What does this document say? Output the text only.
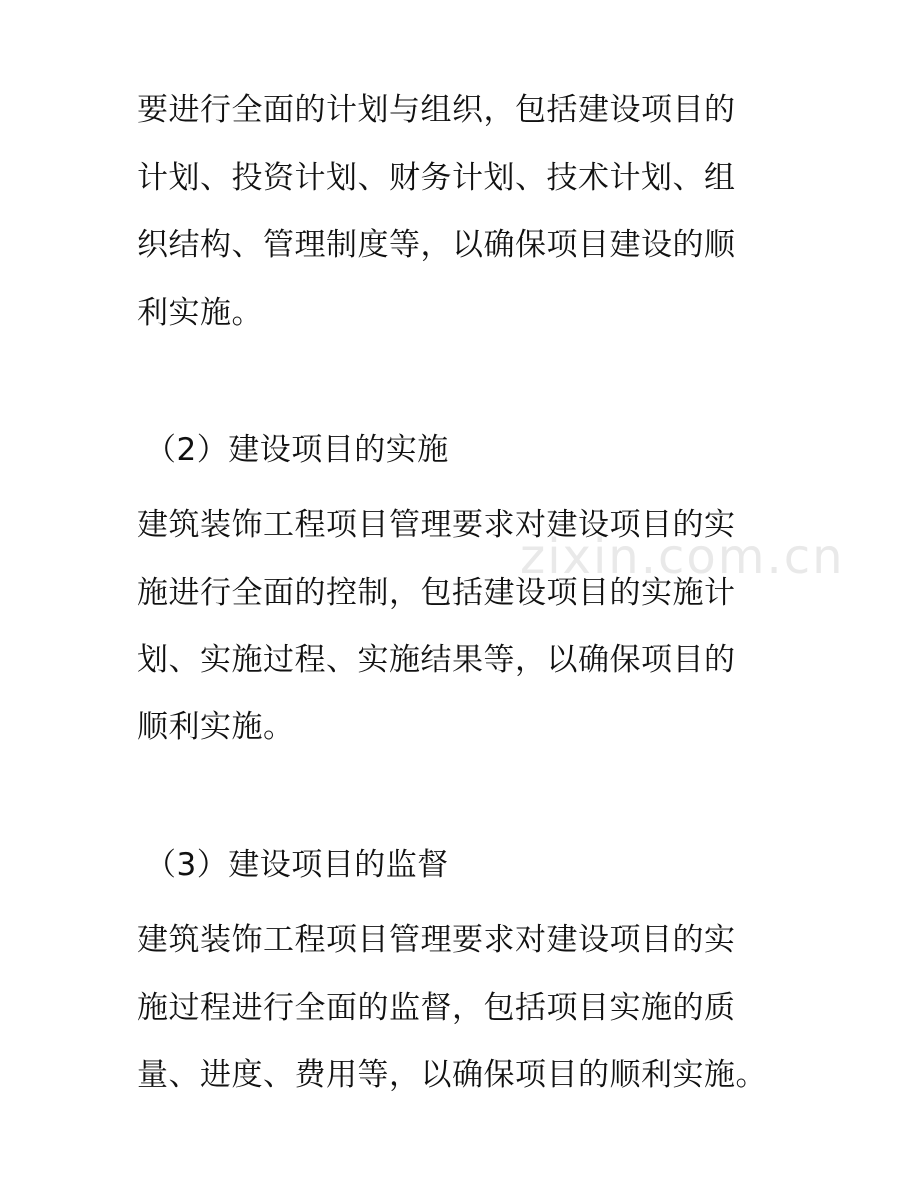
zixin.com.cn
要进行全面的计划与组织，包括建设项目的
计划、投资计划、财务计划、技术计划、组
织结构、管理制度等，以确保项目建设的顺
利实施。
（2）建设项目的实施
建筑装饰工程项目管理要求对建设项目的实
施进行全面的控制，包括建设项目的实施计
划、实施过程、实施结果等，以确保项目的
顺利实施。
（3）建设项目的监督
建筑装饰工程项目管理要求对建设项目的实
施过程进行全面的监督，包括项目实施的质
量、进度、费用等，以确保项目的顺利实施。
